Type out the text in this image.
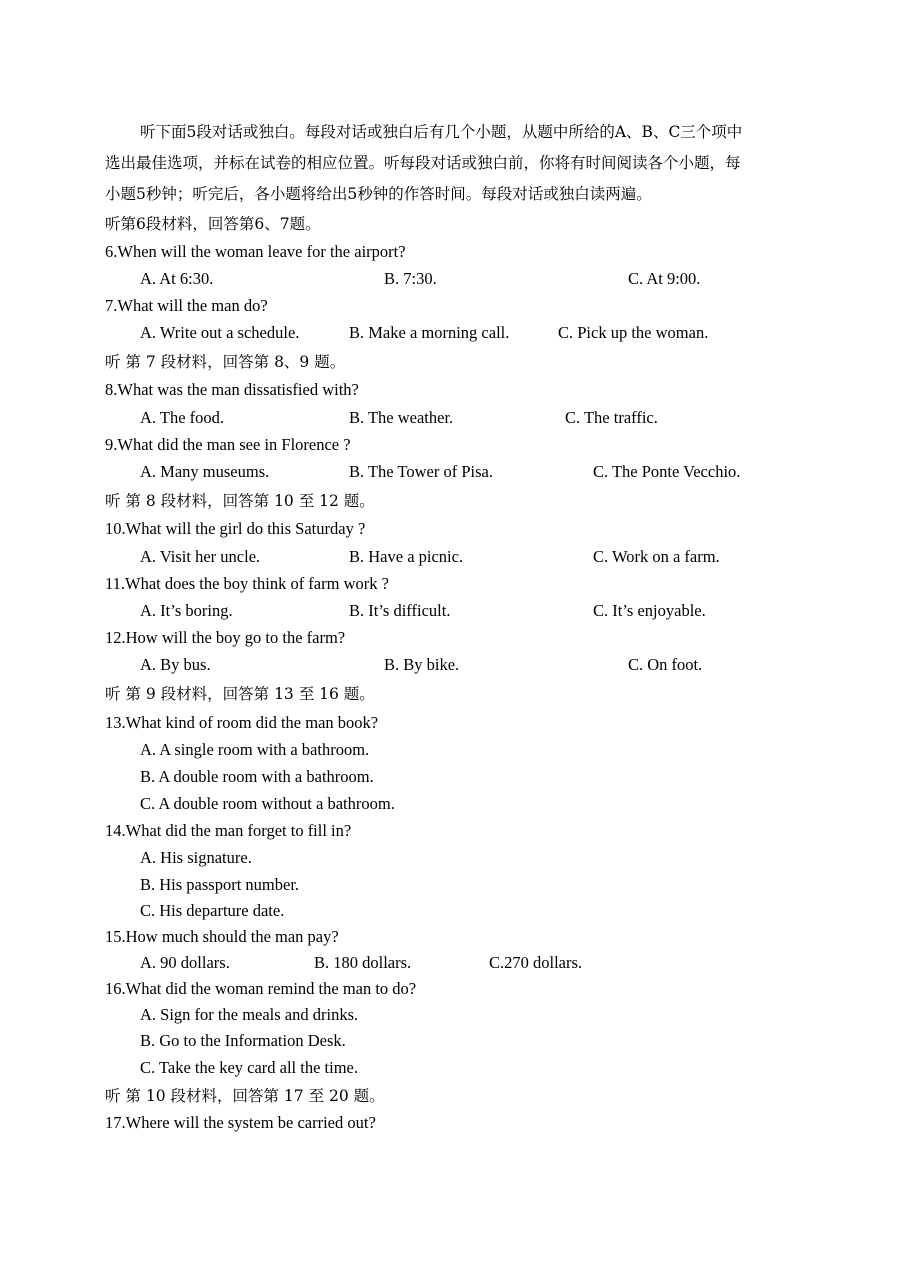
听下面5段对话或独白。每段对话或独白后有几个小题，从题中所给的A、B、C三个项中
选出最佳选项，并标在试卷的相应位置。听每段对话或独白前，你将有时间阅读各个小题，每
小题5秒钟；听完后，各小题将给出5秒钟的作答时间。每段对话或独白读两遍。
听第6段材料，回答第6、7题。
6.When will the woman leave for the airport?
A. At 6:30.	B. 7:30.	C. At 9:00.
7.What will the man do?
A. Write out a schedule.	B. Make a morning call.	C. Pick up the woman.
听 第 7 段材料，回答第 8、9 题。
8.What was the man dissatisfied with?
A. The food.	B. The weather.	C. The traffic.
9.What did the man see in Florence ?
A. Many museums.	B. The Tower of Pisa.	C. The Ponte Vecchio.
听 第 8 段材料，回答第 10 至 12 题。
10.What will the girl do this Saturday ?
A. Visit her uncle.	B. Have a picnic.	C. Work on a farm.
11.What does the boy think of farm work ?
A. It’s boring.	B. It’s difficult.	C. It’s enjoyable.
12.How will the boy go to the farm?
A. By bus.	B. By bike.	C. On foot.
听 第 9 段材料，回答第 13 至 16 题。
13.What kind of room did the man book?
A. A single room with a bathroom.
B. A double room with a bathroom.
C. A double room without a bathroom.
14.What did the man forget to fill in?
A. His signature.
B. His passport number.
C. His departure date.
15.How much should the man pay?
A. 90 dollars.	B. 180 dollars.	C.270 dollars.
16.What did the woman remind the man to do?
A. Sign for the meals and drinks.
B. Go to the Information Desk.
C. Take the key card all the time.
听 第 10 段材料，回答第 17 至 20 题。
17.Where will the system be carried out?
